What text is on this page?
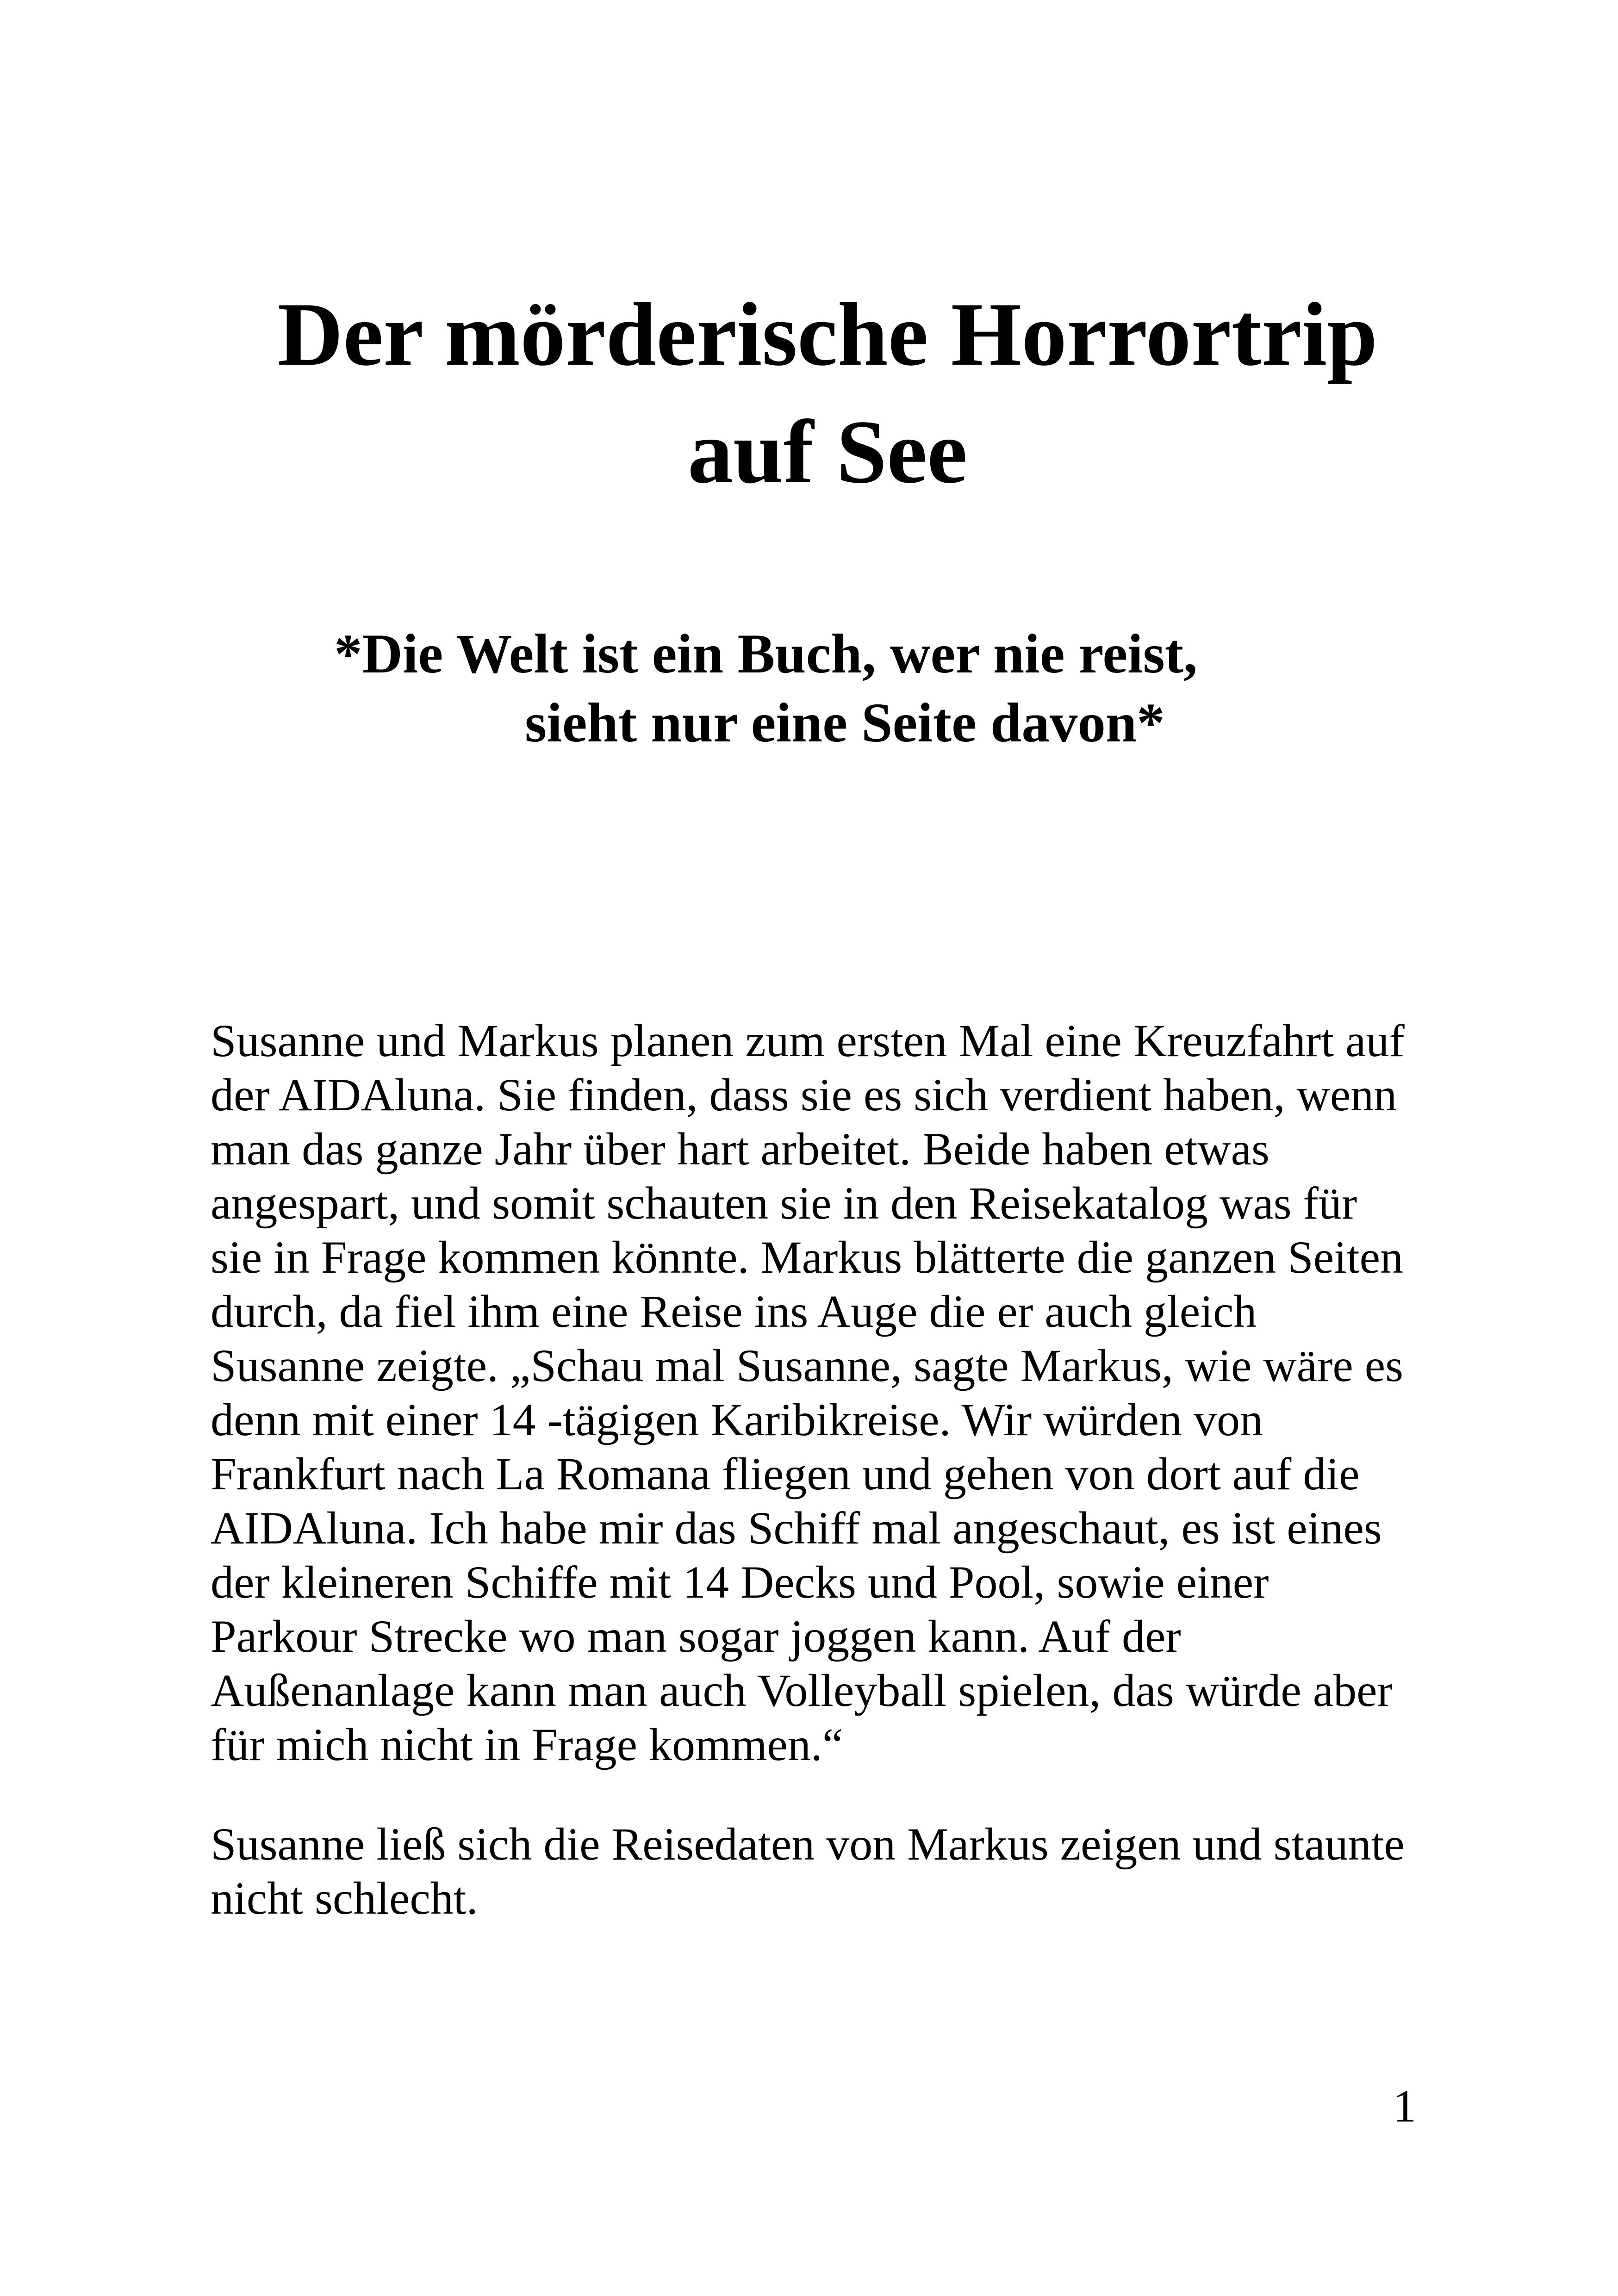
Der mörderische Horrortrip
auf See
*Die Welt ist ein Buch, wer nie reist,
sieht nur eine Seite davon*
Susanne und Markus planen zum ersten Mal eine Kreuzfahrt auf
der AIDAluna. Sie finden, dass sie es sich verdient haben, wenn
man das ganze Jahr über hart arbeitet. Beide haben etwas
angespart, und somit schauten sie in den Reisekatalog was für
sie in Frage kommen könnte. Markus blätterte die ganzen Seiten
durch, da fiel ihm eine Reise ins Auge die er auch gleich
Susanne zeigte. „Schau mal Susanne, sagte Markus, wie wäre es
denn mit einer 14 -tägigen Karibikreise. Wir würden von
Frankfurt nach La Romana fliegen und gehen von dort auf die
AIDAluna. Ich habe mir das Schiff mal angeschaut, es ist eines
der kleineren Schiffe mit 14 Decks und Pool, sowie einer
Parkour Strecke wo man sogar joggen kann. Auf der
Außenanlage kann man auch Volleyball spielen, das würde aber
für mich nicht in Frage kommen.“
Susanne ließ sich die Reisedaten von Markus zeigen und staunte
nicht schlecht.
1
